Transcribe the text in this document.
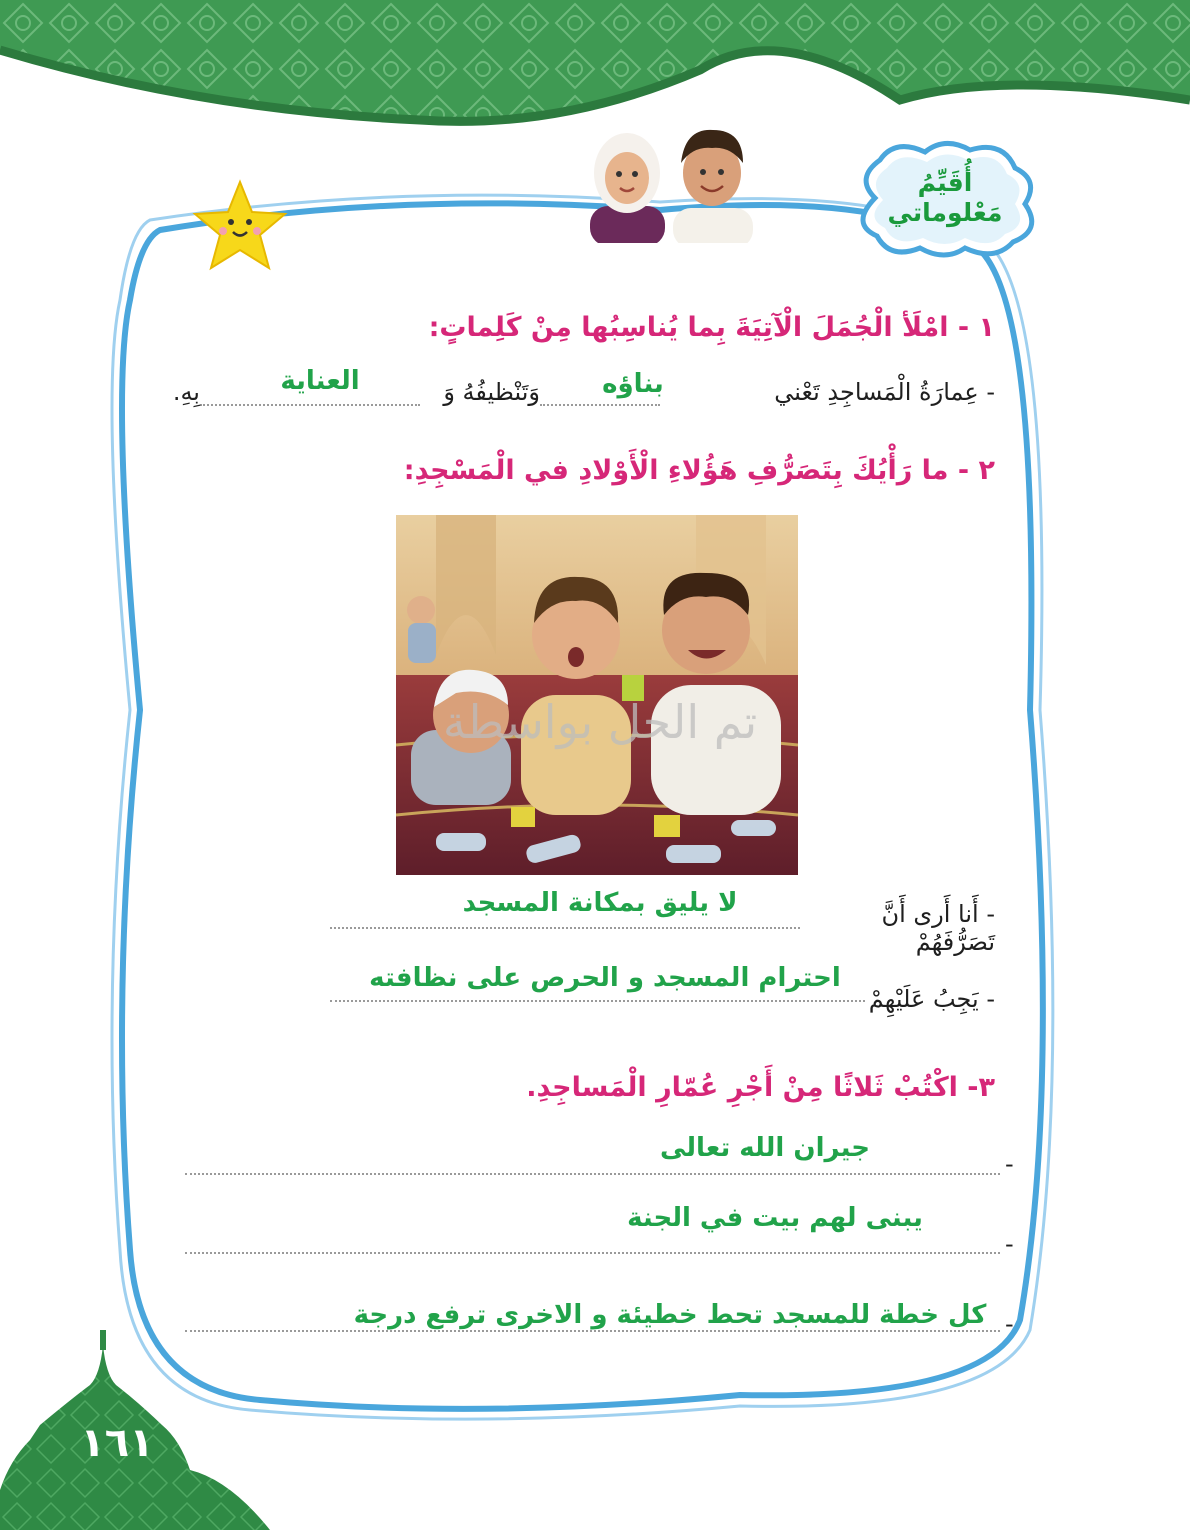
أُقَيِّمُ
مَعْلوماتي
١ - امْلَأ الْجُمَلَ الْآتِيَةَ بِما يُناسِبُها مِنْ كَلِماتٍ:
- عِمارَةُ الْمَساجِدِ تَعْني
بناؤه
وَتَنْظيفُهُ وَ
العناية
بِهِ.
٢ - ما رَأْيُكَ بِتَصَرُّفِ هَؤُلاءِ الْأَوْلادِ في الْمَسْجِدِ:
تم الحل بواسطة
- أَنا أَرى أَنَّ تَصَرُّفَهُمْ
لا يليق بمكانة المسجد
- يَجِبُ عَلَيْهِمْ
احترام المسجد و الحرص على نظافته
٣- اكْتُبْ ثَلاثًا مِنْ أَجْرِ عُمّارِ الْمَساجِدِ.
-
جيران الله تعالى
-
يبنى لهم بيت في الجنة
-
كل خطة للمسجد تحط خطيئة و الاخرى ترفع درجة
١٦١
